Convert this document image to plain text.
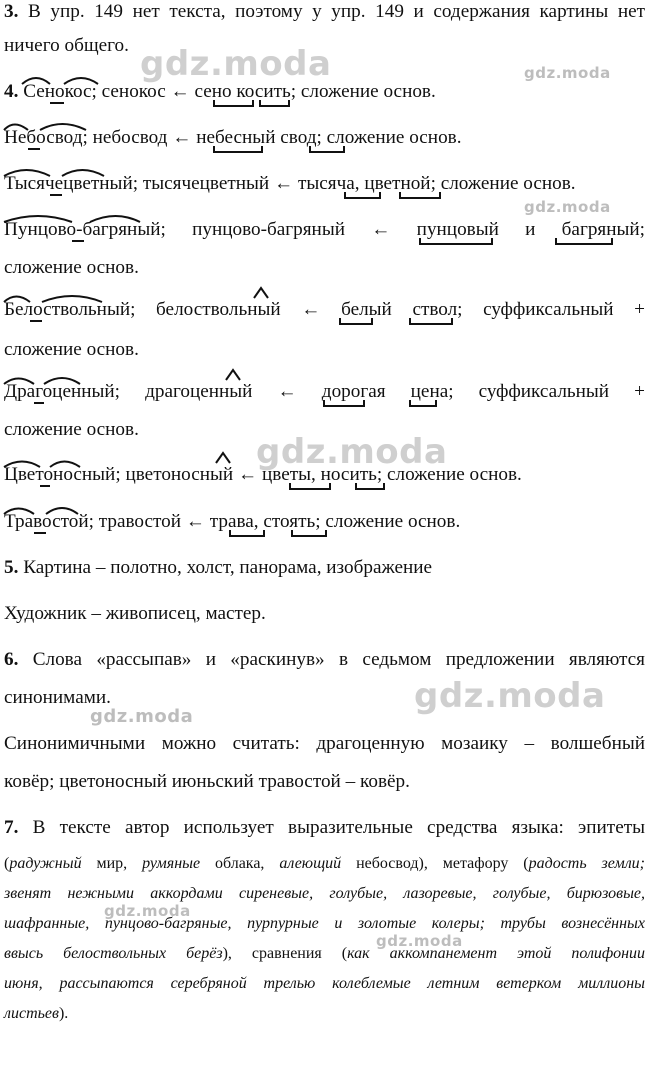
3. В упр. 149 нет текста, поэтому у упр. 149 и содержания картины нет
ничего общего.
4. Сенокос; сенокос ← сено косить; сложение основ.
Небосвод; небосвод ← небесный свод; сложение основ.
Тысячецветный; тысячецветный ← тысяча, цветной; сложение основ.
Пунцово-багряный; пунцово-багряный ← пунцовый и багряный;
сложение основ.
Белоствольный; белоствольный ← белый ствол; суффиксальный +
сложение основ.
Драгоценный; драгоценный ← дорогая цена; суффиксальный +
сложение основ.
Цветоносный; цветоносный ← цветы, носить; сложение основ.
Травостой; травостой ← трава, стоять; сложение основ.
5. Картина – полотно, холст, панорама, изображение
Художник – живописец, мастер.
6. Слова «рассыпав» и «раскинув» в седьмом предложении являются
синонимами.
Синонимичными можно считать: драгоценную мозаику – волшебный
ковёр; цветоносный июньский травостой – ковёр.
7. В тексте автор использует выразительные средства языка: эпитеты
(радужный мир, румяные облака, алеющий небосвод), метафору (радость земли;
звенят нежными аккордами сиреневые, голубые, лазоревые, голубые, бирюзовые,
шафранные, пунцово-багряные, пурпурные и золотые колеры; трубы вознесённых
ввысь белоствольных берёз), сравнения (как аккомпанемент этой полифонии
июня, рассыпаются серебряной трелью колеблемые летним ветерком миллионы
листьев).
gdz.moda	gdz.moda
gdz.moda
gdz.moda
gdz.moda
gdz.moda
gdz.moda
gdz.moda
